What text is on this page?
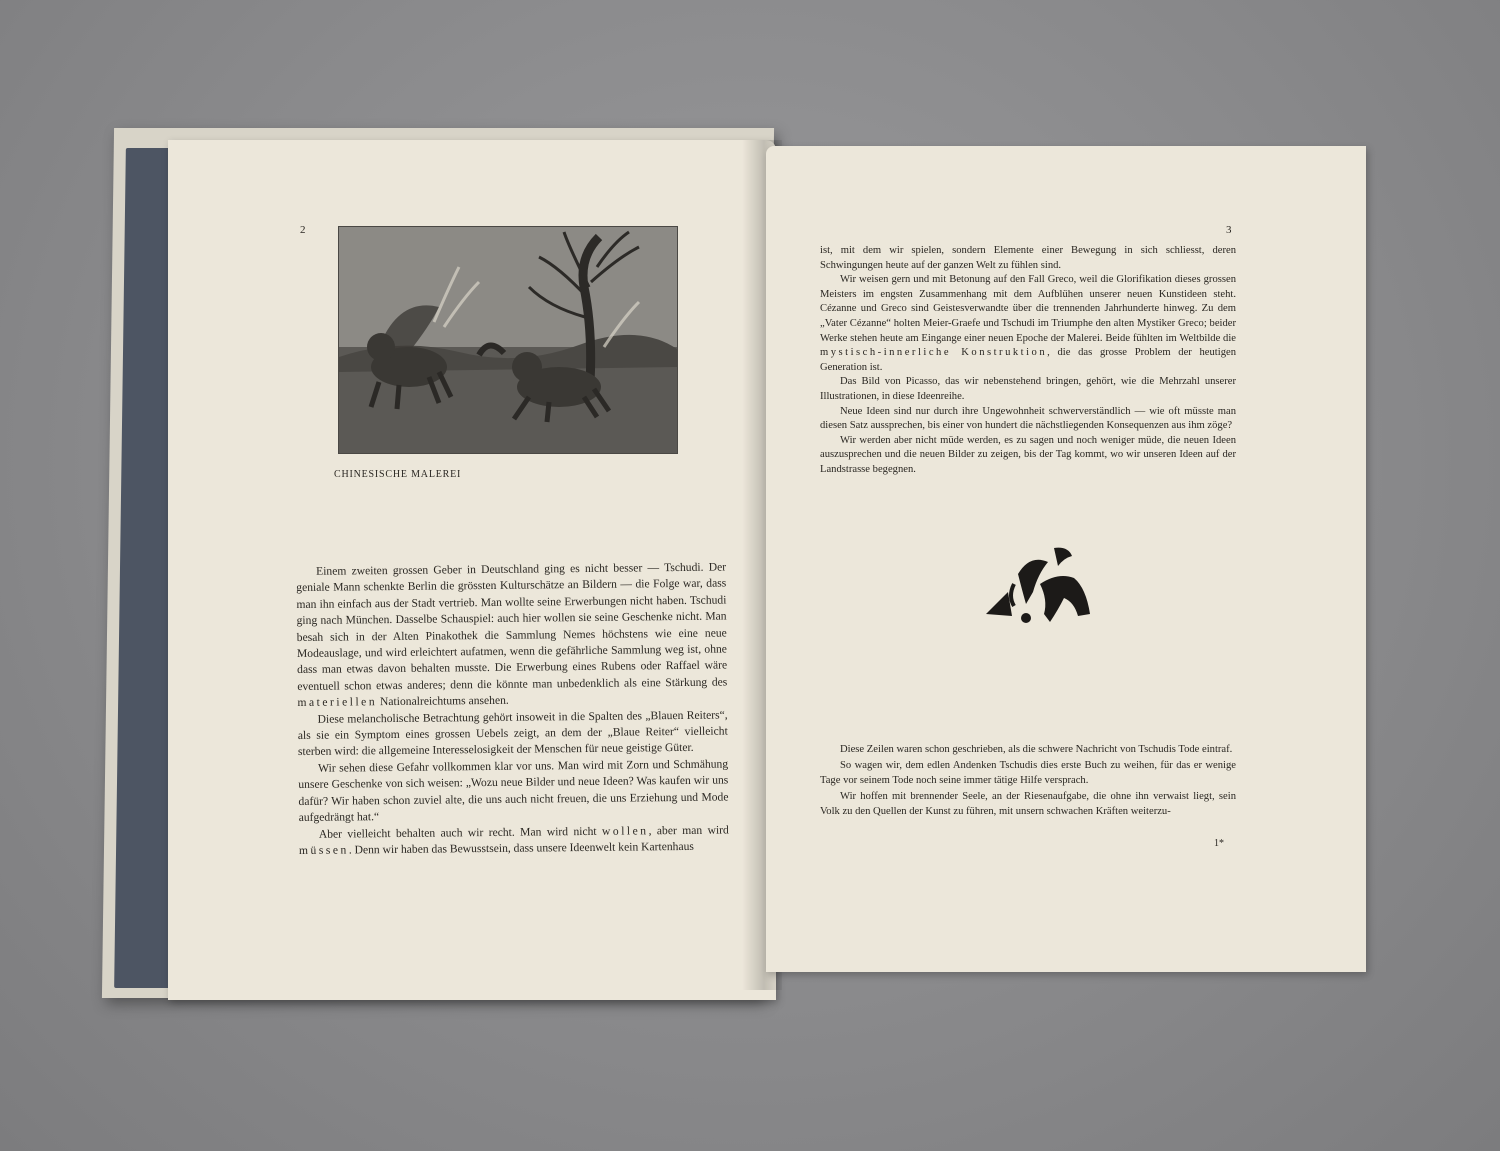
2
CHINESISCHE MALEREI

Einem zweiten grossen Geber in Deutschland ging es nicht besser — Tschudi. Der geniale Mann schenkte Berlin die grössten Kulturschätze an Bildern — die Folge war, dass man ihn einfach aus der Stadt vertrieb. Man wollte seine Erwerbungen nicht haben. Tschudi ging nach München. Dasselbe Schauspiel: auch hier wollen sie seine Geschenke nicht. Man besah sich in der Alten Pinakothek die Sammlung Nemes höchstens wie eine neue Modeauslage, und wird erleichtert aufatmen, wenn die gefährliche Sammlung weg ist, ohne dass man etwas davon behalten musste. Die Erwerbung eines Rubens oder Raffael wäre eventuell schon etwas anderes; denn die könnte man unbedenklich als eine Stärkung des materiellen Nationalreichtums ansehen.

Diese melancholische Betrachtung gehört insoweit in die Spalten des „Blauen Reiters“, als sie ein Symptom eines grossen Uebels zeigt, an dem der „Blaue Reiter“ vielleicht sterben wird: die allgemeine Interesselosigkeit der Menschen für neue geistige Güter.

Wir sehen diese Gefahr vollkommen klar vor uns. Man wird mit Zorn und Schmähung unsere Geschenke von sich weisen: „Wozu neue Bilder und neue Ideen? Was kaufen wir uns dafür? Wir haben schon zuviel alte, die uns auch nicht freuen, die uns Erziehung und Mode aufgedrängt hat.“

Aber vielleicht behalten auch wir recht. Man wird nicht wollen, aber man wird müssen. Denn wir haben das Bewusstsein, dass unsere Ideenwelt kein Kartenhaus

3

ist, mit dem wir spielen, sondern Elemente einer Bewegung in sich schliesst, deren Schwingungen heute auf der ganzen Welt zu fühlen sind.

Wir weisen gern und mit Betonung auf den Fall Greco, weil die Glorifikation dieses grossen Meisters im engsten Zusammenhang mit dem Aufblühen unserer neuen Kunstideen steht. Cézanne und Greco sind Geistesverwandte über die trennenden Jahrhunderte hinweg. Zu dem „Vater Cézanne“ holten Meier-Graefe und Tschudi im Triumphe den alten Mystiker Greco; beider Werke stehen heute am Eingange einer neuen Epoche der Malerei. Beide fühlten im Weltbilde die mystisch-innerliche Konstruktion, die das grosse Problem der heutigen Generation ist.

Das Bild von Picasso, das wir nebenstehend bringen, gehört, wie die Mehrzahl unserer Illustrationen, in diese Ideenreihe.

Neue Ideen sind nur durch ihre Ungewohnheit schwerverständlich — wie oft müsste man diesen Satz aussprechen, bis einer von hundert die nächstliegenden Konsequenzen aus ihm zöge?

Wir werden aber nicht müde werden, es zu sagen und noch weniger müde, die neuen Ideen auszusprechen und die neuen Bilder zu zeigen, bis der Tag kommt, wo wir unseren Ideen auf der Landstrasse begegnen.

Diese Zeilen waren schon geschrieben, als die schwere Nachricht von Tschudis Tode eintraf.

So wagen wir, dem edlen Andenken Tschudis dies erste Buch zu weihen, für das er wenige Tage vor seinem Tode noch seine immer tätige Hilfe versprach.

Wir hoffen mit brennender Seele, an der Riesenaufgabe, die ohne ihn verwaist liegt, sein Volk zu den Quellen der Kunst zu führen, mit unsern schwachen Kräften weiterzu-

1*
